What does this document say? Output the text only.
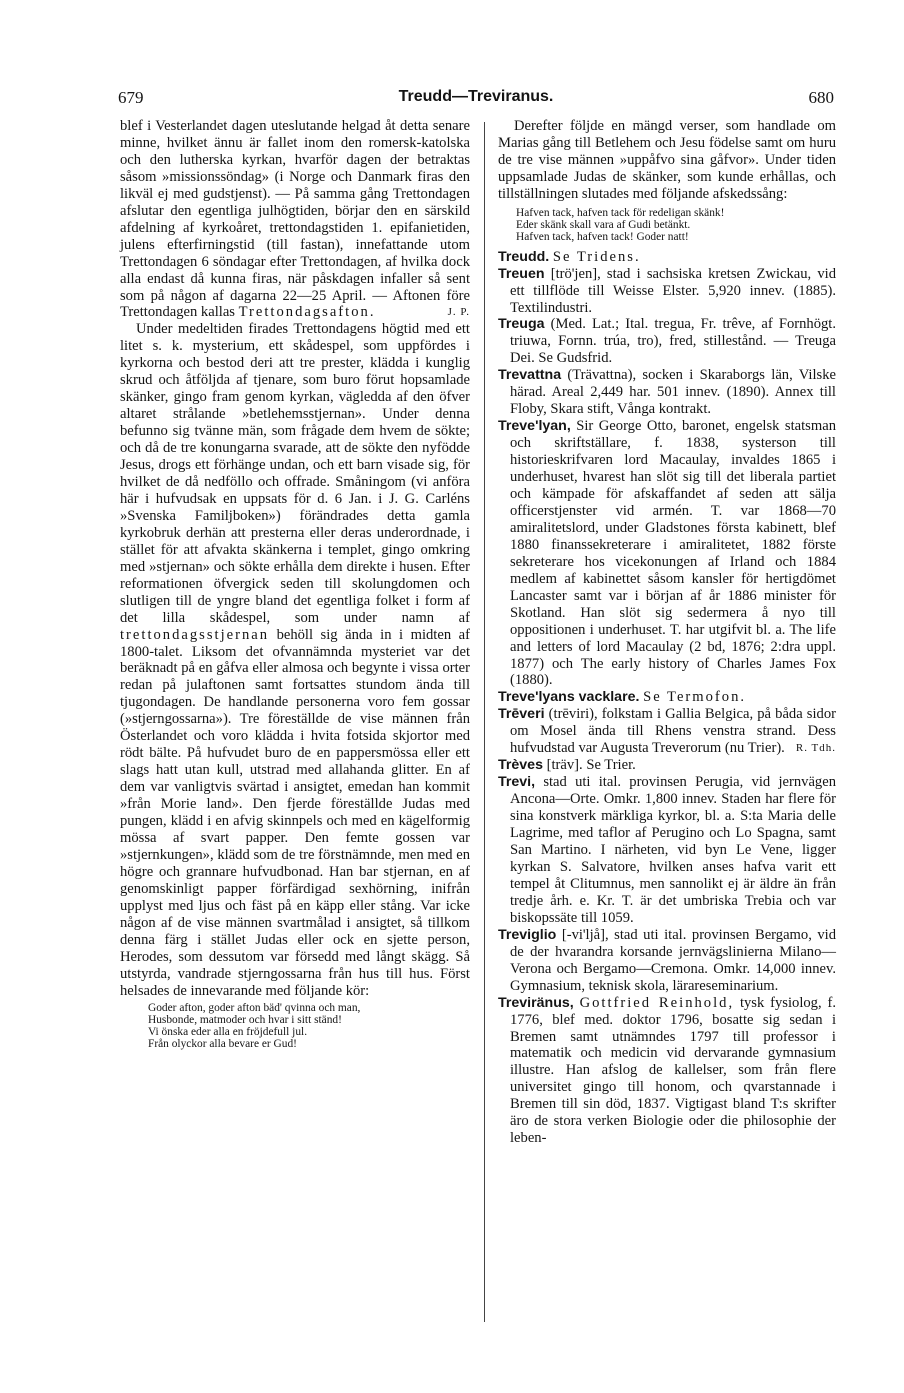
679	Treudd—Treviranus.	680

blef i Vesterlandet dagen uteslutande helgad åt detta senare minne, hvilket ännu är fallet inom den romersk-katolska och den lutherska kyrkan, hvarför dagen der betraktas såsom »missionssöndag» (i Norge och Danmark firas den likväl ej med gudstjenst). — På samma gång Trettondagen afslutar den egentliga julhögtiden, börjar den en särskild afdelning af kyrkoåret, trettondagstiden 1. epifanietiden, julens efterfirningstid (till fastan), innefattande utom Trettondagen 6 söndagar efter Trettondagen, af hvilka dock alla endast då kunna firas, när påskdagen infaller så sent som på någon af dagarna 22—25 April. — Aftonen före Trettondagen kallas Trettondagsafton.	J. P.

Under medeltiden firades Trettondagens högtid med ett litet s. k. mysterium, ett skådespel, som uppfördes i kyrkorna och bestod deri att tre prester, klädda i kunglig skrud och åtföljda af tjenare, som buro förut hopsamlade skänker, gingo fram genom kyrkan, vägledda af den öfver altaret strålande »betlehemsstjernan». Under denna befunno sig tvänne män, som frågade dem hvem de sökte; och då de tre konungarna svarade, att de sökte den nyfödde Jesus, drogs ett förhänge undan, och ett barn visade sig, för hvilket de då nedföllo och offrade. Småningom (vi anföra här i hufvudsak en uppsats för d. 6 Jan. i J. G. Carléns »Svenska Familjboken») förändrades detta gamla kyrkobruk derhän att presterna eller deras underordnade, i stället för att afvakta skänkerna i templet, gingo omkring med »stjernan» och sökte erhålla dem direkte i husen. Efter reformationen öfvergick seden till skolungdomen och slutligen till de yngre bland det egentliga folket i form af det lilla skådespel, som under namn af trettondagsstjernan behöll sig ända in i midten af 1800-talet. Liksom det ofvannämnda mysteriet var det beräknadt på en gåfva eller almosa och begynte i vissa orter redan på julaftonen samt fortsattes stundom ända till tjugondagen. De handlande personerna voro fem gossar (»stjerngossarna»). Tre föreställde de vise männen från Österlandet och voro klädda i hvita fotsida skjortor med rödt bälte. På hufvudet buro de en pappersmössa eller ett slags hatt utan kull, utstrad med allahanda glitter. En af dem var vanligtvis svärtad i ansigtet, emedan han kommit »från Morie land». Den fjerde föreställde Judas med pungen, klädd i en afvig skinnpels och med en kägelformig mössa af svart papper. Den femte gossen var »stjernkungen», klädd som de tre förstnämnde, men med en högre och grannare hufvudbonad. Han bar stjernan, en af genomskinligt papper förfärdigad sexhörning, inifrån upplyst med ljus och fäst på en käpp eller stång. Var icke någon af de vise männen svartmålad i ansigtet, så tillkom denna färg i stället Judas eller ock en sjette person, Herodes, som dessutom var försedd med långt skägg. Så utstyrda, vandrade stjerngossarna från hus till hus. Först helsades de innevarande med följande kör:

Goder afton, goder afton bäd' qvinna och man,
Husbonde, matmoder och hvar i sitt ständ!
Vi önska eder alla en fröjdefull jul.
Från olyckor alla bevare er Gud!

Derefter följde en mängd verser, som handlade om Marias gång till Betlehem och Jesu födelse samt om huru de tre vise männen »uppåfvo sina gåfvor». Under tiden uppsamlade Judas de skänker, som kunde erhållas, och tillställningen slutades med följande afskedssång:

Hafven tack, hafven tack för redeligan skänk!
Eder skänk skall vara af Gudi betänkt.
Hafven tack, hafven tack! Goder natt!

Treudd. Se Tridens.

Treuen [trö'jen], stad i sachsiska kretsen Zwickau, vid ett tillflöde till Weisse Elster. 5,920 innev. (1885). Textilindustri.

Treuga (Med. Lat.; Ital. tregua, Fr. trêve, af Fornhögt. triuwa, Fornn. trúa, tro), fred, stillestånd. — Treuga Dei. Se Gudsfrid.

Trevattna (Trävattna), socken i Skaraborgs län, Vilske härad. Areal 2,449 har. 501 innev. (1890). Annex till Floby, Skara stift, Vånga kontrakt.

Treve'lyan, Sir George Otto, baronet, engelsk statsman och skriftställare, f. 1838, systerson till historieskrifvaren lord Macaulay, invaldes 1865 i underhuset, hvarest han slöt sig till det liberala partiet och kämpade för afskaffandet af seden att sälja officerstjenster vid armén. T. var 1868—70 amiralitetslord, under Gladstones första kabinett, blef 1880 finanssekreterare i amiralitetet, 1882 förste sekreterare hos vicekonungen af Irland och 1884 medlem af kabinettet såsom kansler för hertigdömet Lancaster samt var i början af år 1886 minister för Skotland. Han slöt sig sedermera å nyo till oppositionen i underhuset. T. har utgifvit bl. a. The life and letters of lord Macaulay (2 bd, 1876; 2:dra uppl. 1877) och The early history of Charles James Fox (1880).

Treve'lyans vacklare. Se Termofon.

Trēveri (trēviri), folkstam i Gallia Belgica, på båda sidor om Mosel ända till Rhens venstra strand. Dess hufvudstad var Augusta Treverorum (nu Trier). R. Tdh.

Trèves [träv]. Se Trier.

Trevi, stad uti ital. provinsen Perugia, vid jernvägen Ancona—Orte. Omkr. 1,800 innev. Staden har flere för sina konstverk märkliga kyrkor, bl. a. S:ta Maria delle Lagrime, med taflor af Perugino och Lo Spagna, samt San Martino. I närheten, vid byn Le Vene, ligger kyrkan S. Salvatore, hvilken anses hafva varit ett tempel åt Clitumnus, men sannolikt ej är äldre än från tredje årh. e. Kr. T. är det umbriska Trebia och var biskopssäte till 1059.

Treviglio [-vi'ljå], stad uti ital. provinsen Bergamo, vid de der hvarandra korsande jernvägslinierna Milano—Verona och Bergamo—Cremona. Omkr. 14,000 innev. Gymnasium, teknisk skola, lärareseminarium.

Treviränus, Gottfried Reinhold, tysk fysiolog, f. 1776, blef med. doktor 1796, bosatte sig sedan i Bremen samt utnämndes 1797 till professor i matematik och medicin vid dervarande gymnasium illustre. Han afslog de kallelser, som från flere universitet gingo till honom, och qvarstannade i Bremen till sin död, 1837. Vigtigast bland T:s skrifter äro de stora verken Biologie oder die philosophie der leben-
